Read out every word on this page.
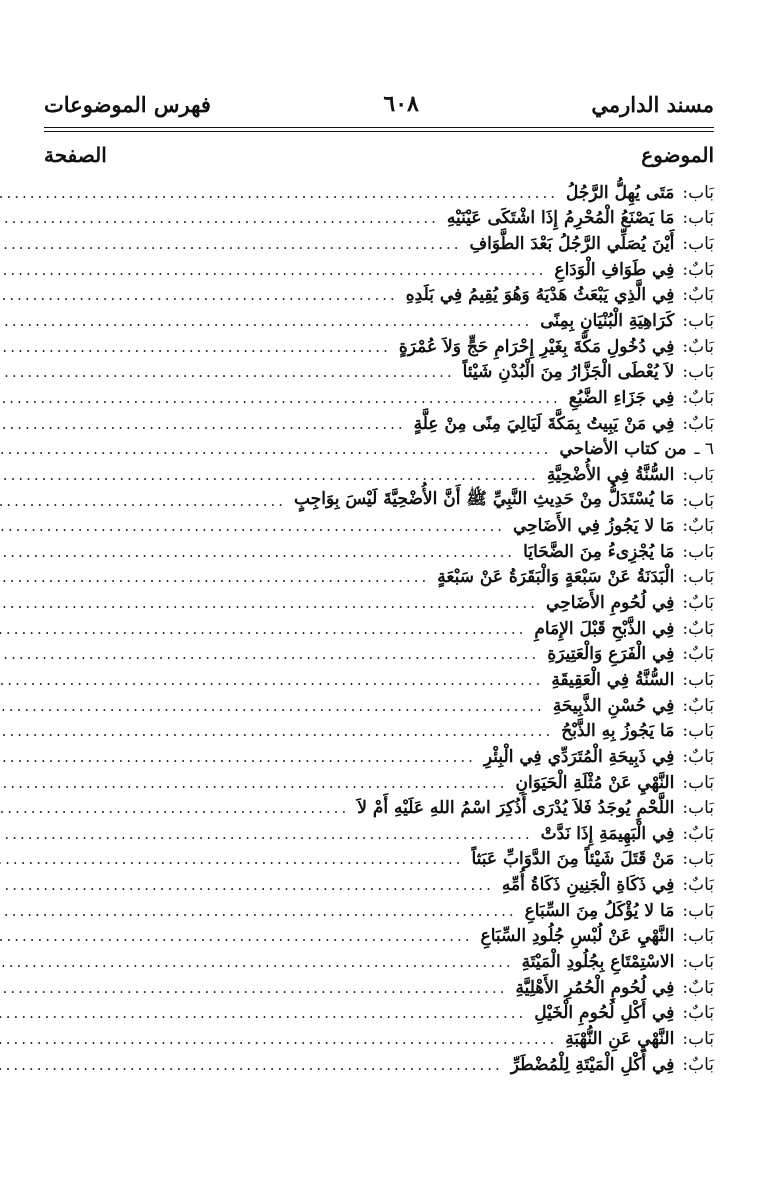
مسند الدارمي
٦٠٨
فهرس الموضوعات
الموضوع
الصفحة
بَاب:
مَتَى يُهِلُّ الرَّجُلُ
.....
بَاب:
مَا يَصْنَعُ الْمُحْرِمُ إِذَا اشْتَكَى عَيْنَيْهِ
.....
بَاب:
أَيْنَ يُصَلِّي الرَّجُلُ بَعْدَ الطَّوَافِ
.....
بَابٌ:
فِي طَوَافِ الْوَدَاعِ
.....
بَابٌ:
فِي الَّذِي يَبْعَثُ هَدْيَهُ وَهُوَ يُقِيمُ فِي بَلَدِهِ
.....
بَاب:
كَرَاهِيَةِ الْبُنْيَانِ بِمِنًى
.....
بَابٌ:
فِي دُخُولِ مَكَّةَ بِغَيْرِ إِحْرَامِ حَجٍّ وَلاَ عُمْرَةٍ
.....
بَاب:
لاَ يُعْطَى الْجَزَّارُ مِنَ الْبُدْنِ شَيْئاً
.....
بَابٌ:
فِي جَزَاءِ الضَّبُعِ
.....
بَابٌ:
فِي مَنْ يَبِيتُ بِمَكَّةَ لَيَالِيَ مِنًى مِنْ عِلَّةٍ
.....
٦ ـ
من كتاب الأضاحي
.....
بَاب:
السُّنَّةُ فِي الأُضْحِيَّةِ
.....
بَاب:
مَا يُسْتَدَلُّ مِنْ حَدِيثِ النَّبِيِّ ﷺ أَنَّ الأُضْحِيَّةَ لَيْسَ بِوَاجِبٍ
.....
بَابٌ:
مَا لا يَجُوزُ فِي الأَضَاحِي
.....
بَاب:
مَا يُجْزِىءُ مِنَ الضَّحَايَا
.....
بَاب:
الْبَدَنَةُ عَنْ سَبْعَةٍ وَالْبَقَرَةُ عَنْ سَبْعَةٍ
.....
بَابٌ:
فِي لُحُومِ الأَضَاحِي
.....
بَابٌ:
فِي الذَّبْحِ قَبْلَ الإِمَامِ
.....
بَابٌ:
فِي الْفَرَعِ وَالْعَتِيرَةِ
.....
بَاب:
السُّنَّةُ فِي الْعَقِيقَةِ
.....
بَابٌ:
فِي حُسْنِ الذَّبِيحَةِ
.....
بَاب:
مَا يَجُوزُ بِهِ الذَّبْحُ
.....
بَابٌ:
فِي ذَبِيحَةِ الْمُتَرَدِّي فِي الْبِئْرِ
.....
بَاب:
النَّهْيِ عَنْ مُثْلَةِ الْحَيَوَانِ
.....
بَاب:
اللَّحْمِ يُوجَدُ فَلاَ يُدْرَى أَذُكِرَ اسْمُ اللهِ عَلَيْهِ أَمْ لاَ
.....
بَابٌ:
فِي الْبَهِيمَةِ إِذَا نَدَّتْ
.....
بَاب:
مَنْ قَتَلَ شَيْئاً مِنَ الدَّوَابِّ عَبَثاً
.....
بَابٌ:
فِي ذَكَاةِ الْجَنِينِ ذَكَاةُ أُمِّهِ
.....
بَاب:
مَا لا يُؤْكَلُ مِنَ السِّبَاعِ
.....
بَاب:
النَّهْيِ عَنْ لُبْسِ جُلُودِ السِّبَاعِ
.....
بَاب:
الاسْتِمْتَاعِ بِجُلُودِ الْمَيْتَةِ
.....
بَابٌ:
فِي لُحُومِ الْحُمُرِ الأَهْلِيَّةِ
.....
بَابٌ:
فِي أَكْلِ لُحُومِ الْخَيْلِ
.....
بَاب:
النَّهْيِ عَنِ النُّهْبَةِ
.....
بَابٌ:
فِي أَكْلِ الْمَيْتَةِ لِلْمُضْطَرِّ
.....
